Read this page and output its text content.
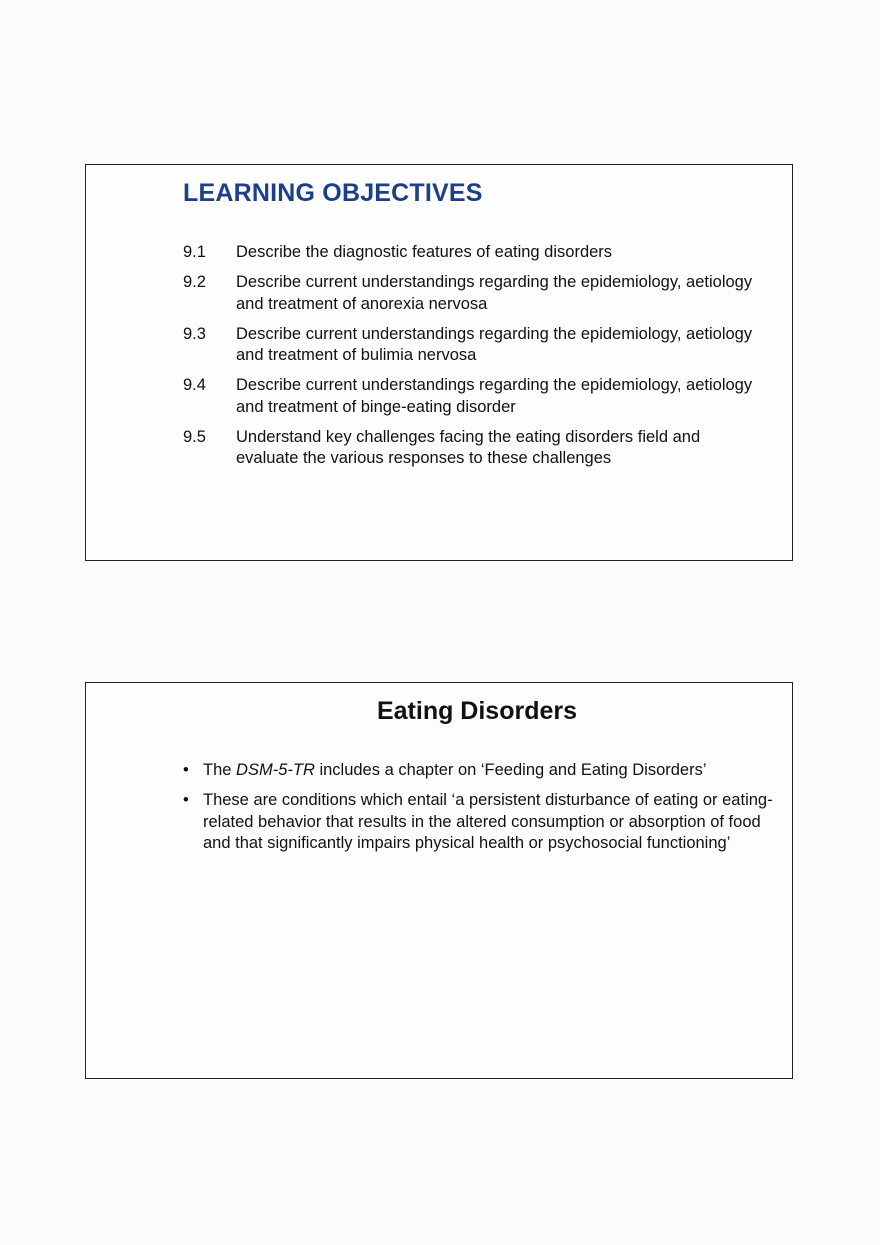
LEARNING OBJECTIVES
9.1	Describe the diagnostic features of eating disorders
9.2	Describe current understandings regarding the epidemiology, aetiology and treatment of anorexia nervosa
9.3	Describe current understandings regarding the epidemiology, aetiology and treatment of bulimia nervosa
9.4	Describe current understandings regarding the epidemiology, aetiology and treatment of binge-eating disorder
9.5	Understand key challenges facing the eating disorders field and evaluate the various responses to these challenges
Eating Disorders
• The DSM-5-TR includes a chapter on ‘Feeding and Eating Disorders’
• These are conditions which entail ‘a persistent disturbance of eating or eating-related behavior that results in the altered consumption or absorption of food and that significantly impairs physical health or psychosocial functioning’
